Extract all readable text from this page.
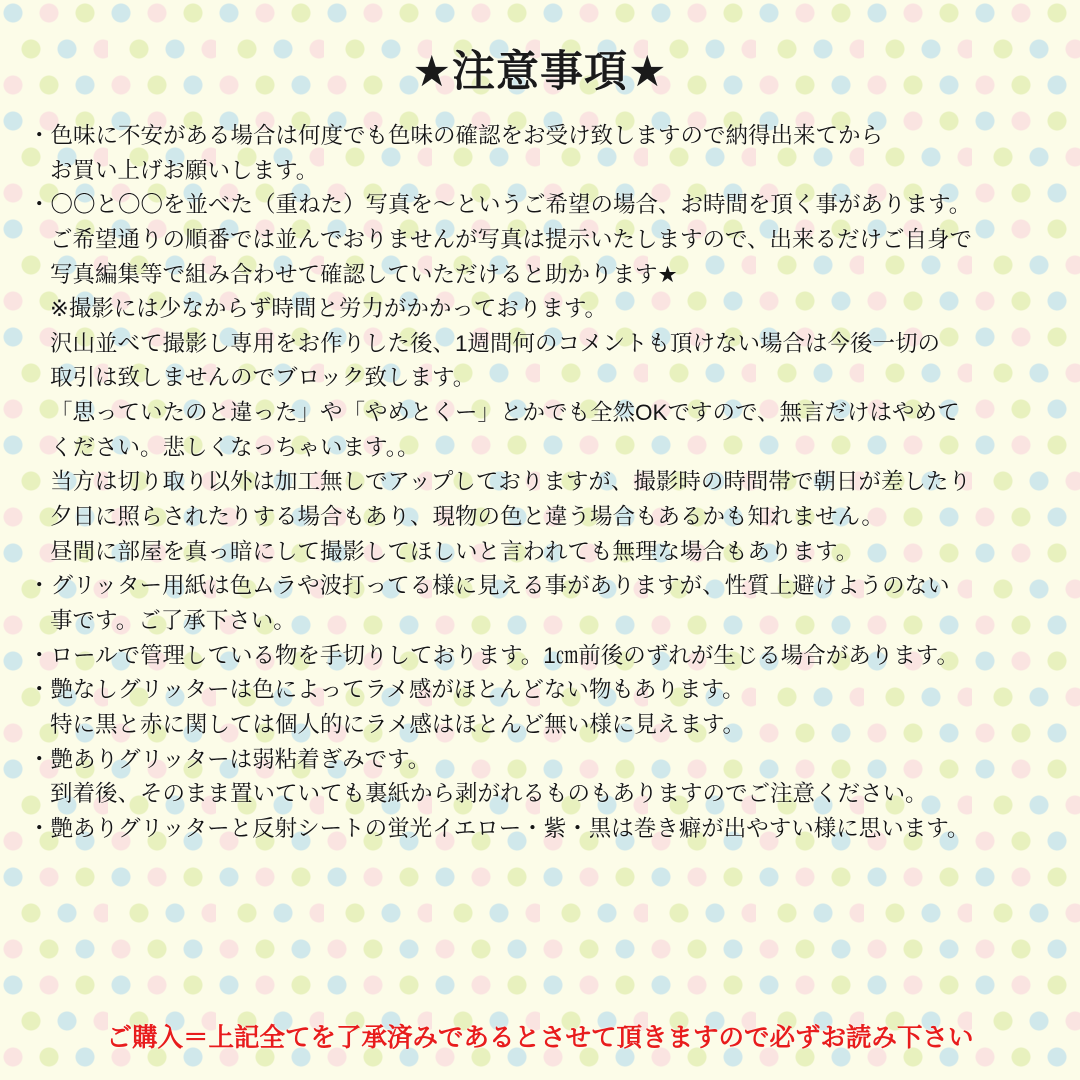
★注意事項★
・色味に不安がある場合は何度でも色味の確認をお受け致しますので納得出来てから
お買い上げお願いします。
・〇〇と〇〇を並べた（重ねた）写真を〜というご希望の場合、お時間を頂く事があります。
ご希望通りの順番では並んでおりませんが写真は提示いたしますので、出来るだけご自身で
写真編集等で組み合わせて確認していただけると助かります★
※撮影には少なからず時間と労力がかかっております。
沢山並べて撮影し専用をお作りした後、1週間何のコメントも頂けない場合は今後一切の
取引は致しませんのでブロック致します。
「思っていたのと違った」や「やめとくー」とかでも全然OKですので、無言だけはやめて
ください。悲しくなっちゃいます。。
当方は切り取り以外は加工無しでアップしておりますが、撮影時の時間帯で朝日が差したり
夕日に照らされたりする場合もあり、現物の色と違う場合もあるかも知れません。
昼間に部屋を真っ暗にして撮影してほしいと言われても無理な場合もあります。
・グリッター用紙は色ムラや波打ってる様に見える事がありますが、性質上避けようのない
事です。ご了承下さい。
・ロールで管理している物を手切りしております。1㎝前後のずれが生じる場合があります。
・艶なしグリッターは色によってラメ感がほとんどない物もあります。
特に黒と赤に関しては個人的にラメ感はほとんど無い様に見えます。
・艶ありグリッターは弱粘着ぎみです。
到着後、そのまま置いていても裏紙から剥がれるものもありますのでご注意ください。
・艶ありグリッターと反射シートの蛍光イエロー・紫・黒は巻き癖が出やすい様に思います。
ご購入＝上記全てを了承済みであるとさせて頂きますので必ずお読み下さい
